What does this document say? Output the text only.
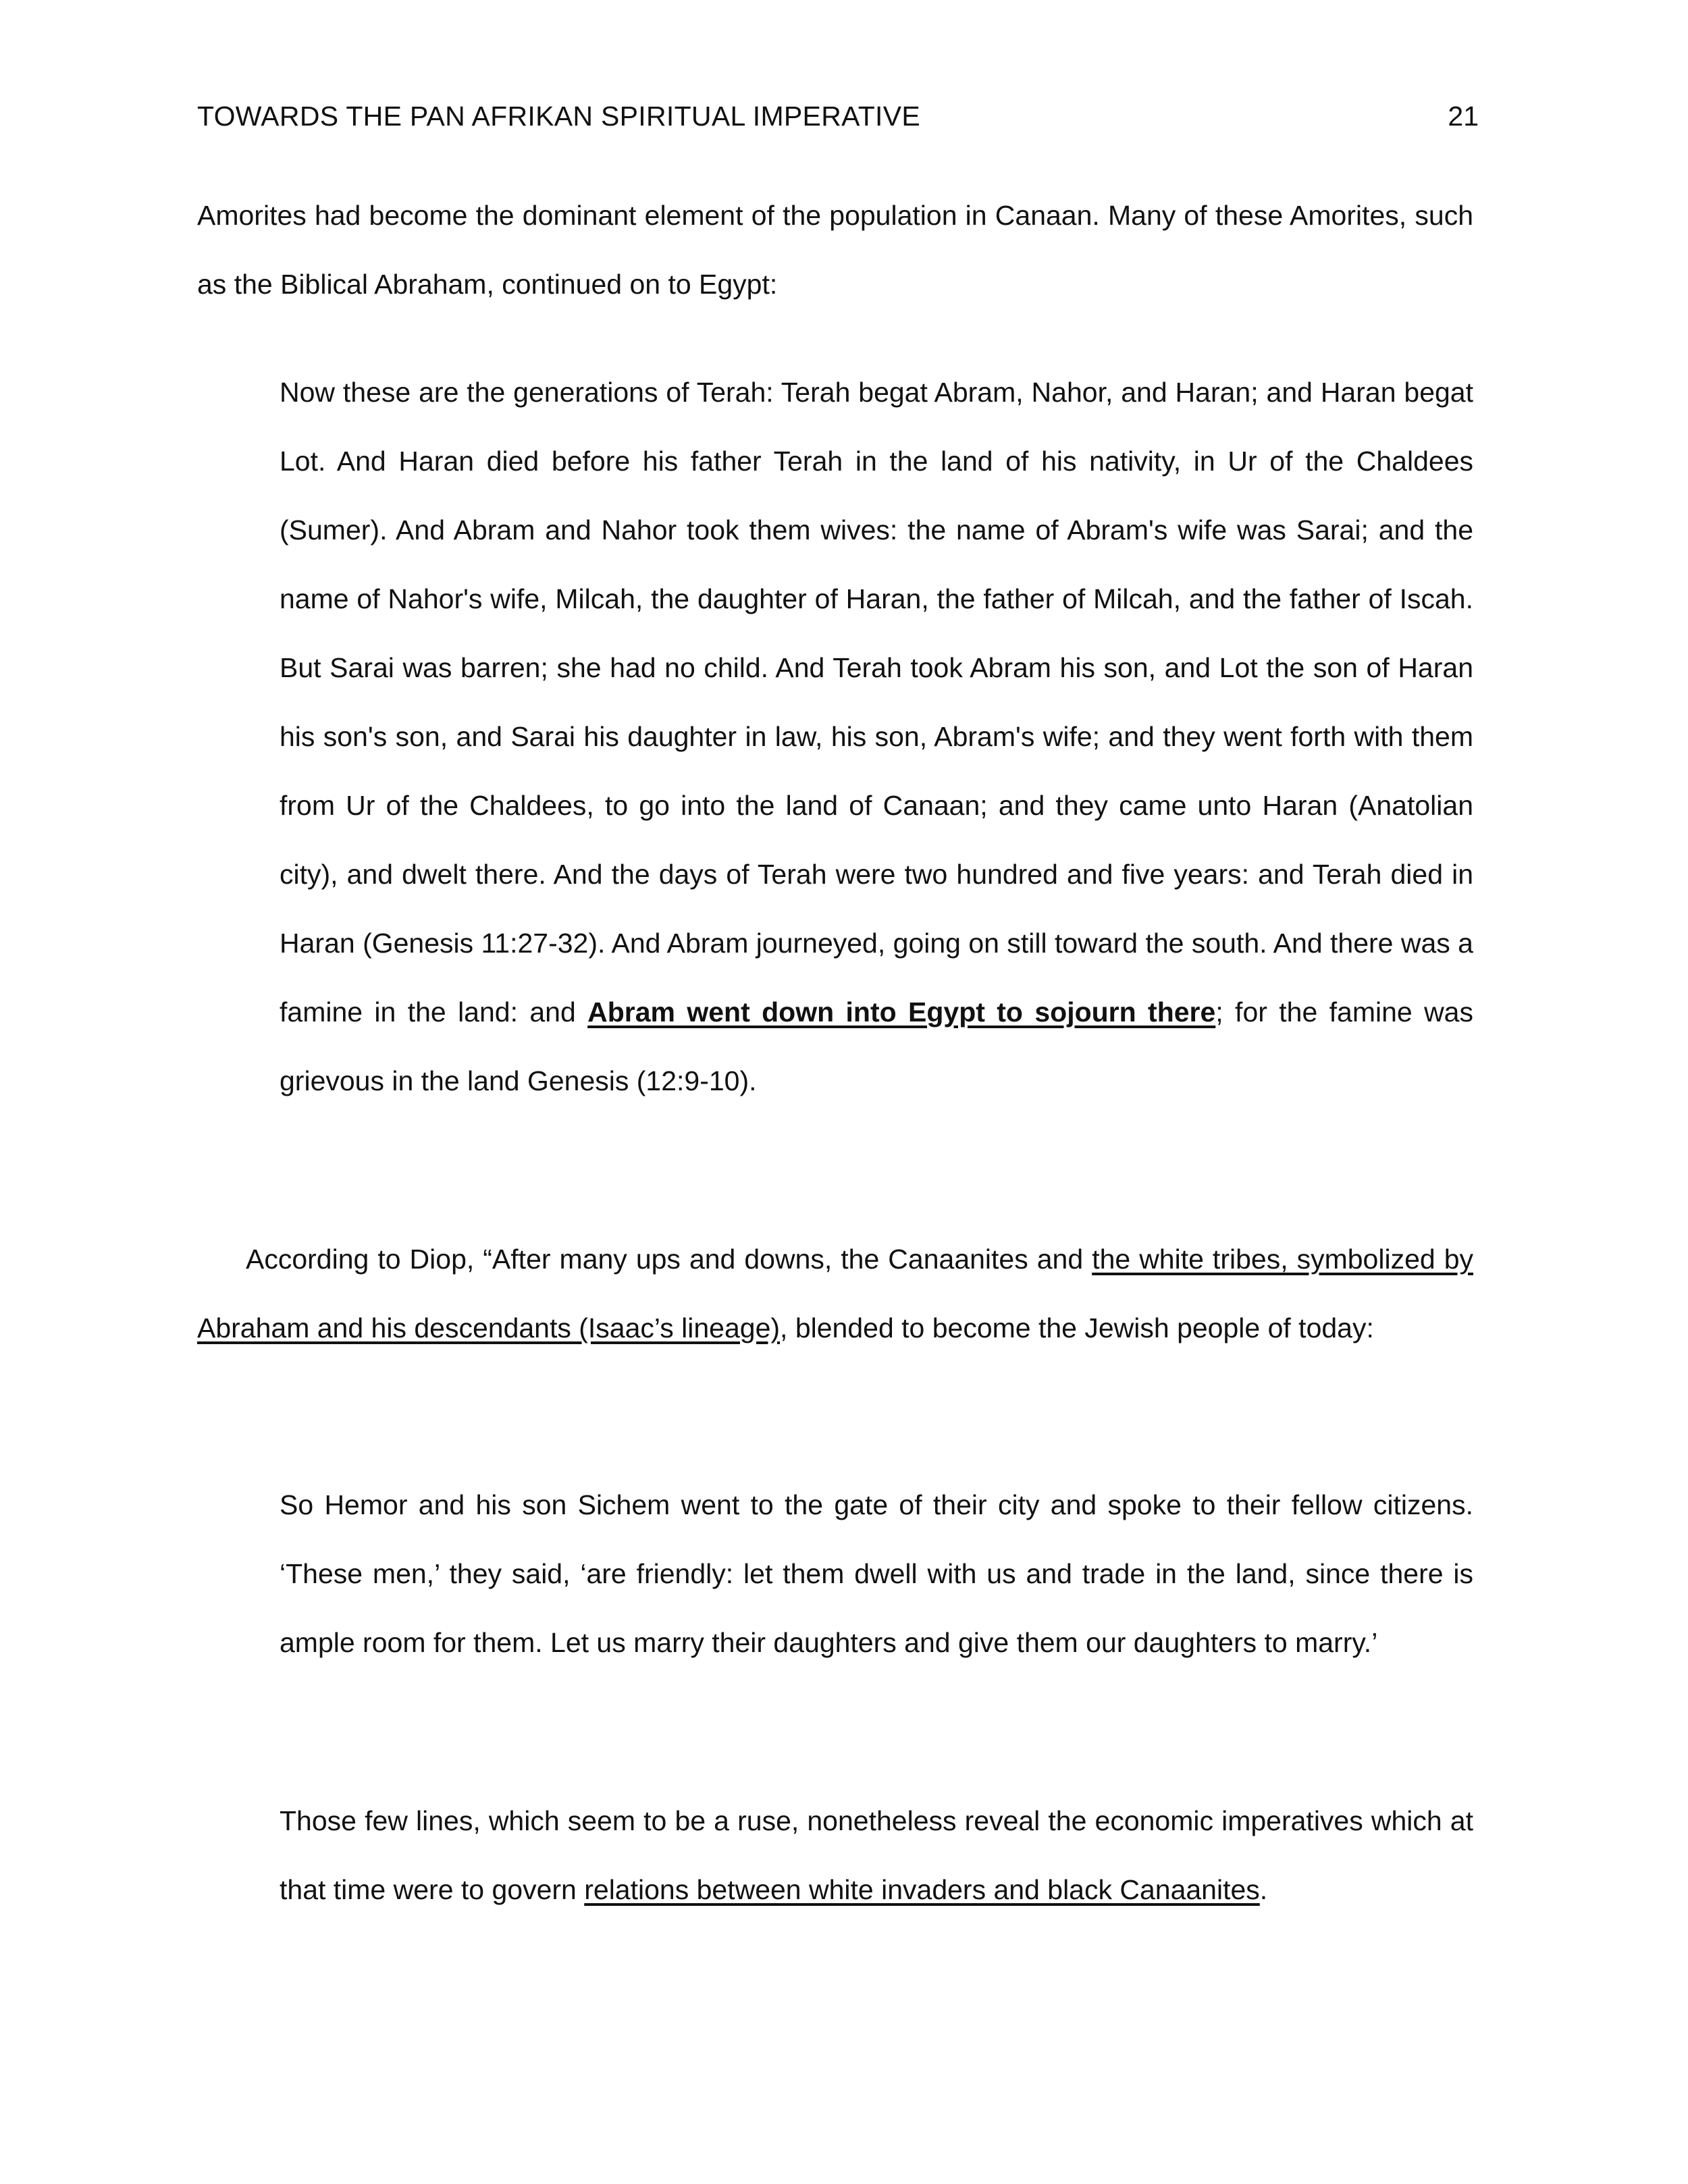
TOWARDS THE PAN AFRIKAN SPIRITUAL IMPERATIVE	21

Amorites had become the dominant element of the population in Canaan. Many of these Amorites, such as the Biblical Abraham, continued on to Egypt:

Now these are the generations of Terah: Terah begat Abram, Nahor, and Haran; and Haran begat Lot. And Haran died before his father Terah in the land of his nativity, in Ur of the Chaldees (Sumer). And Abram and Nahor took them wives: the name of Abram's wife was Sarai; and the name of Nahor's wife, Milcah, the daughter of Haran, the father of Milcah, and the father of Iscah. But Sarai was barren; she had no child. And Terah took Abram his son, and Lot the son of Haran his son's son, and Sarai his daughter in law, his son, Abram's wife; and they went forth with them from Ur of the Chaldees, to go into the land of Canaan; and they came unto Haran (Anatolian city), and dwelt there. And the days of Terah were two hundred and five years: and Terah died in Haran (Genesis 11:27-32). And Abram journeyed, going on still toward the south. And there was a famine in the land: and Abram went down into Egypt to sojourn there; for the famine was grievous in the land Genesis (12:9-10).

According to Diop, “After many ups and downs, the Canaanites and the white tribes, symbolized by Abraham and his descendants (Isaac’s lineage), blended to become the Jewish people of today:

So Hemor and his son Sichem went to the gate of their city and spoke to their fellow citizens. ‘These men,’ they said, ‘are friendly: let them dwell with us and trade in the land, since there is ample room for them. Let us marry their daughters and give them our daughters to marry.’

Those few lines, which seem to be a ruse, nonetheless reveal the economic imperatives which at that time were to govern relations between white invaders and black Canaanites.
